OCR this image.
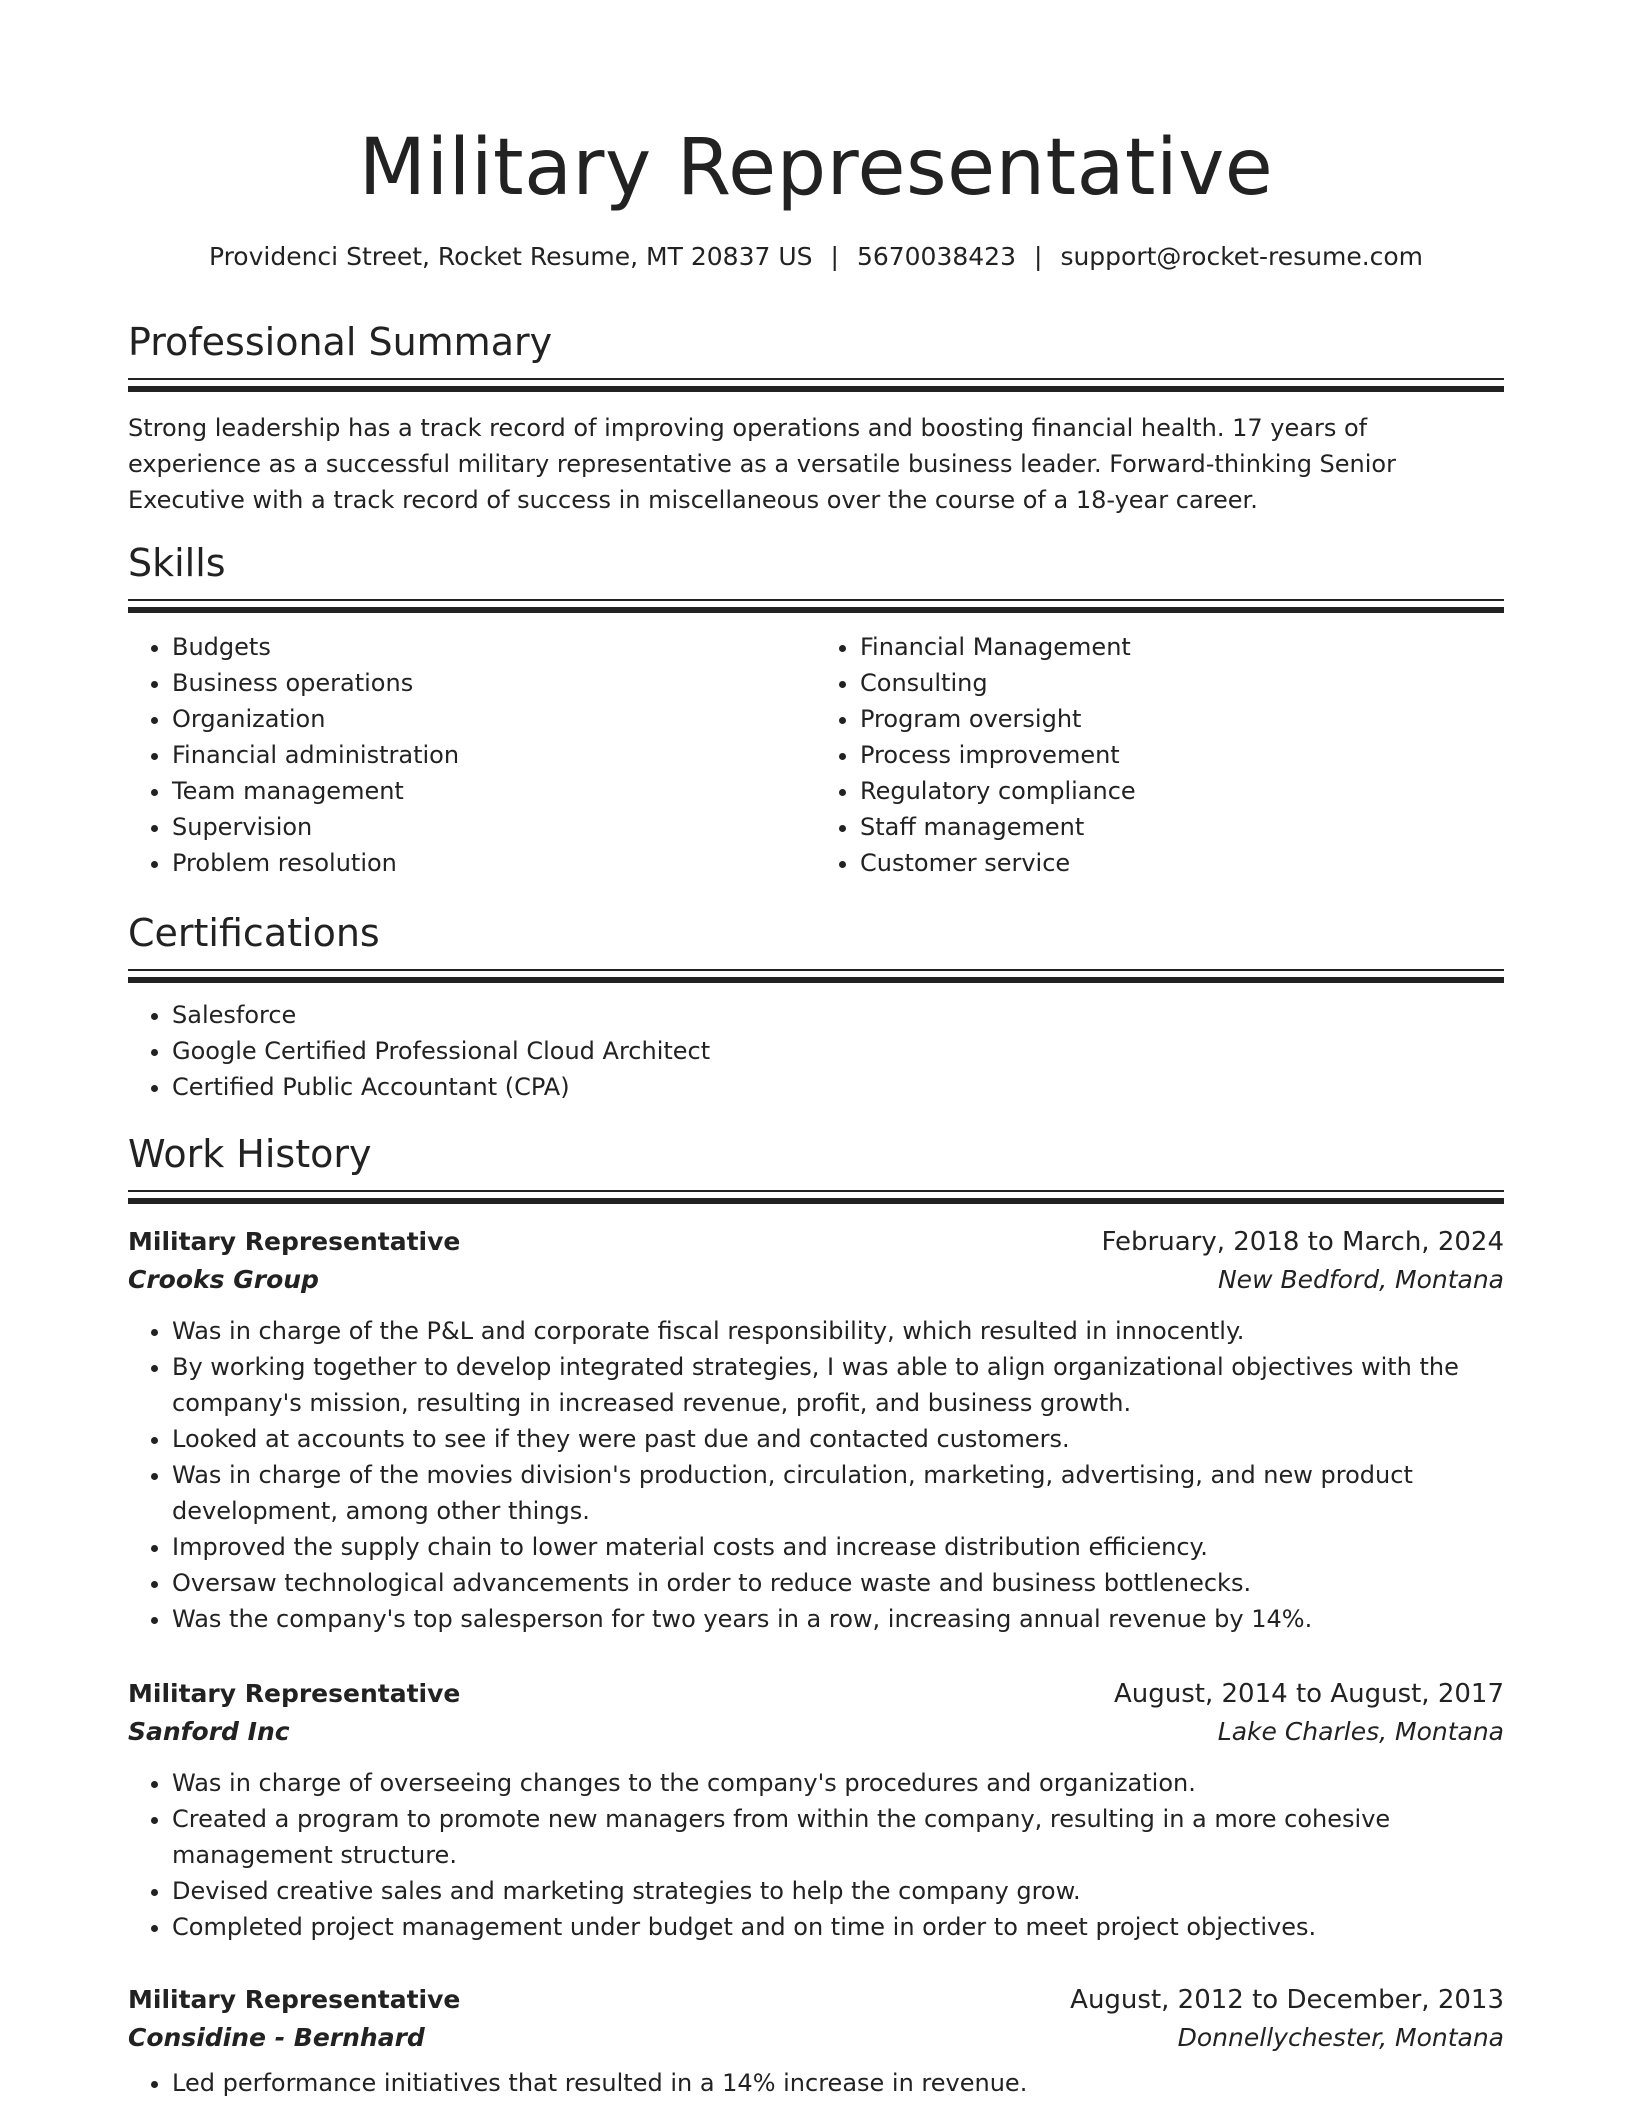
Military Representative
Providenci Street, Rocket Resume, MT 20837 US | 5670038423 | support@rocket-resume.com
Professional Summary
Strong leadership has a track record of improving operations and boosting financial health. 17 years of experience as a successful military representative as a versatile business leader. Forward-thinking Senior Executive with a track record of success in miscellaneous over the course of a 18-year career.
Skills
• Budgets
• Business operations
• Organization
• Financial administration
• Team management
• Supervision
• Problem resolution
• Financial Management
• Consulting
• Program oversight
• Process improvement
• Regulatory compliance
• Staff management
• Customer service
Certifications
• Salesforce
• Google Certified Professional Cloud Architect
• Certified Public Accountant (CPA)
Work History
Military Representative	February, 2018 to March, 2024
Crooks Group	New Bedford, Montana
• Was in charge of the P&L and corporate fiscal responsibility, which resulted in innocently.
• By working together to develop integrated strategies, I was able to align organizational objectives with the company's mission, resulting in increased revenue, profit, and business growth.
• Looked at accounts to see if they were past due and contacted customers.
• Was in charge of the movies division's production, circulation, marketing, advertising, and new product development, among other things.
• Improved the supply chain to lower material costs and increase distribution efficiency.
• Oversaw technological advancements in order to reduce waste and business bottlenecks.
• Was the company's top salesperson for two years in a row, increasing annual revenue by 14%.
Military Representative	August, 2014 to August, 2017
Sanford Inc	Lake Charles, Montana
• Was in charge of overseeing changes to the company's procedures and organization.
• Created a program to promote new managers from within the company, resulting in a more cohesive management structure.
• Devised creative sales and marketing strategies to help the company grow.
• Completed project management under budget and on time in order to meet project objectives.
Military Representative	August, 2012 to December, 2013
Considine - Bernhard	Donnellychester, Montana
• Led performance initiatives that resulted in a 14% increase in revenue.
